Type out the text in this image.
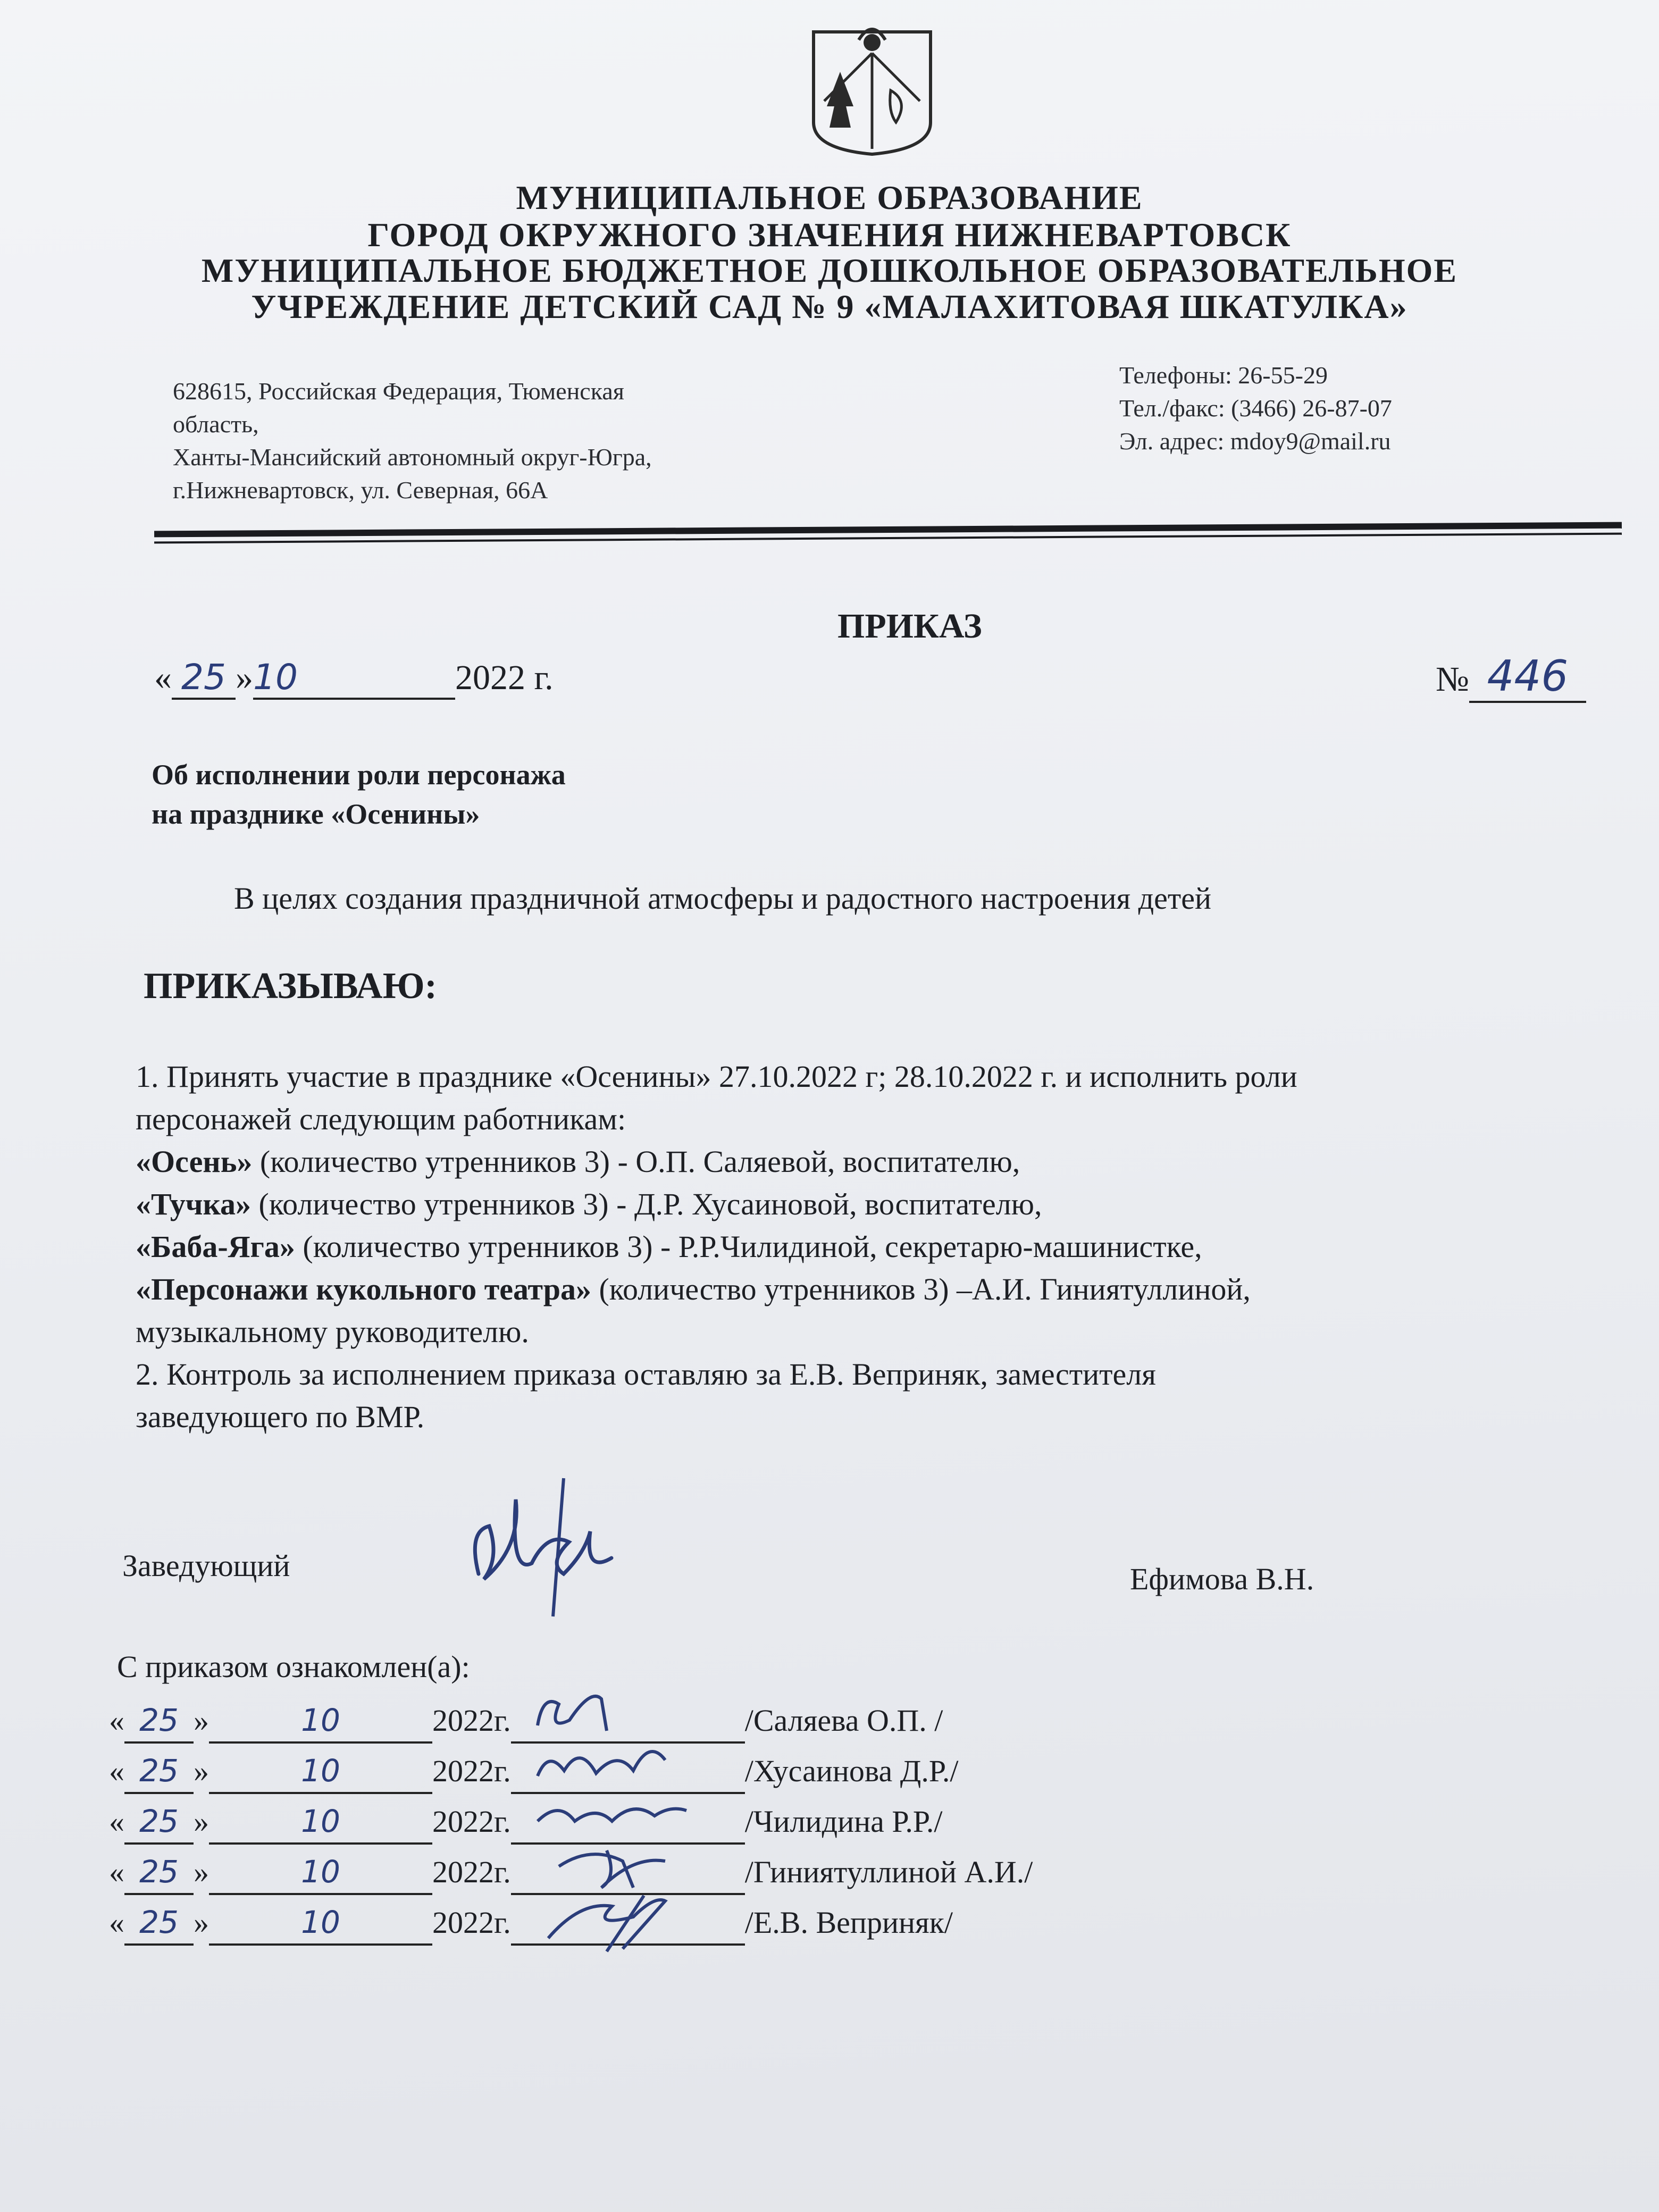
МУНИЦИПАЛЬНОЕ ОБРАЗОВАНИЕ
ГОРОД ОКРУЖНОГО ЗНАЧЕНИЯ НИЖНЕВАРТОВСК
МУНИЦИПАЛЬНОЕ БЮДЖЕТНОЕ ДОШКОЛЬНОЕ ОБРАЗОВАТЕЛЬНОЕ
УЧРЕЖДЕНИЕ ДЕТСКИЙ САД № 9 «МАЛАХИТОВАЯ ШКАТУЛКА»
628615, Российская Федерация, Тюменская
область,
Ханты-Мансийский автономный округ-Югра,
г.Нижневартовск, ул. Северная, 66А
Телефоны: 26-55-29
Тел./факс: (3466) 26-87-07
Эл. адрес: mdoy9@mail.ru
ПРИКАЗ
« 25 »10	2022 г.	№ 446
Об исполнении роли персонажа
на празднике «Осенины»
В целях создания праздничной атмосферы и радостного настроения детей
ПРИКАЗЫВАЮ:
1. Принять участие в празднике «Осенины» 27.10.2022 г; 28.10.2022 г. и исполнить роли
персонажей следующим работникам:
«Осень» (количество утренников 3) - О.П. Саляевой, воспитателю,
«Тучка» (количество утренников 3) - Д.Р. Хусаиновой, воспитателю,
«Баба-Яга» (количество утренников 3) - Р.Р.Чилидиной, секретарю-машинистке,
«Персонажи кукольного театра» (количество утренников 3) –А.И. Гиниятуллиной,
музыкальному руководителю.
2. Контроль за исполнением приказа оставляю за Е.В. Веприняк, заместителя
заведующего по ВМР.
Заведующий	Ефимова В.Н.
С приказом ознакомлен(а):
« 25 »	10	2022г.	/Саляева О.П. /
« 25 »	10	2022г.	/Хусаинова Д.Р./
« 25 »	10	2022г.	/Чилидина Р.Р./
« 25 »	10	2022г.	/Гиниятуллиной А.И./
« 25 »	10	2022г.	/Е.В. Веприняк/
